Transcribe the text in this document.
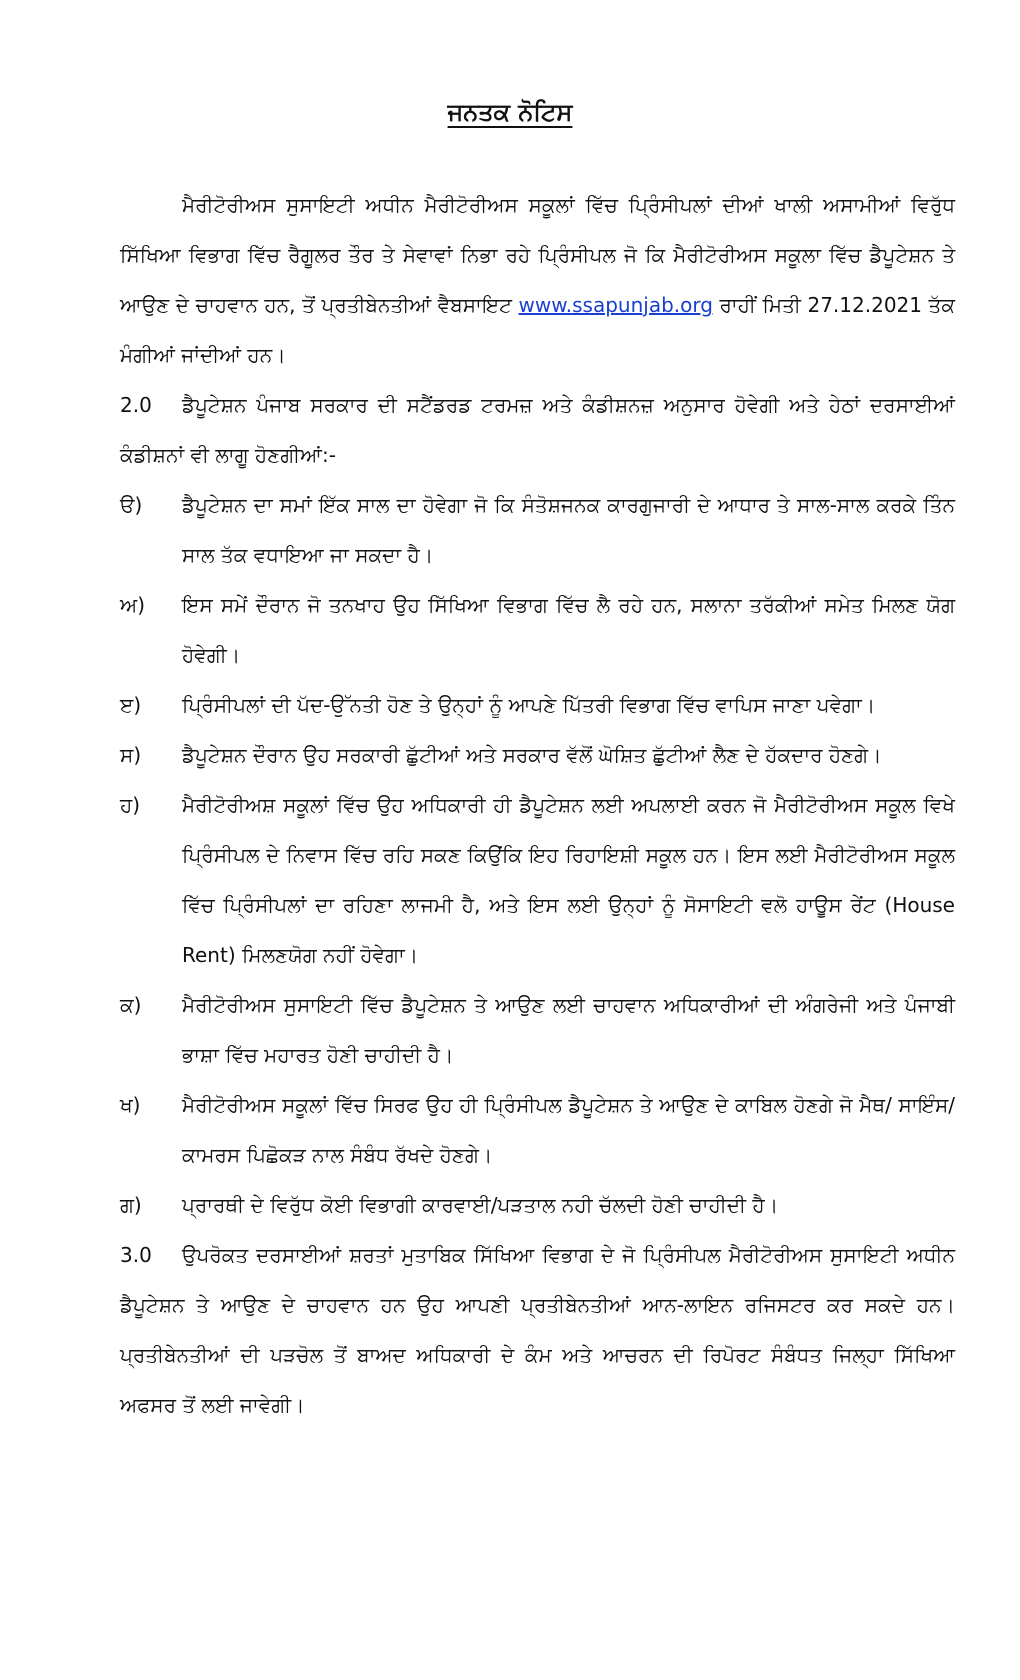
ਜਨਤਕ ਨੋਟਿਸ

ਮੈਰੀਟੋਰੀਅਸ ਸੁਸਾਇਟੀ ਅਧੀਨ ਮੈਰੀਟੋਰੀਅਸ ਸਕੂਲਾਂ ਵਿੱਚ ਪ੍ਰਿੰਸੀਪਲਾਂ ਦੀਆਂ ਖਾਲੀ ਅਸਾਮੀਆਂ ਵਿਰੁੱਧ ਸਿੱਖਿਆ ਵਿਭਾਗ ਵਿੱਚ ਰੈਗੂਲਰ ਤੌਰ ਤੇ ਸੇਵਾਵਾਂ ਨਿਭਾ ਰਹੇ ਪ੍ਰਿੰਸੀਪਲ ਜੋ ਕਿ ਮੈਰੀਟੋਰੀਅਸ ਸਕੂਲਾ ਵਿੱਚ ਡੈਪੂਟੇਸ਼ਨ ਤੇ ਆਉਣ ਦੇ ਚਾਹਵਾਨ ਹਨ, ਤੋਂ ਪ੍ਰਤੀਬੇਨਤੀਆਂ ਵੈਬਸਾਇਟ www.ssapunjab.org ਰਾਹੀਂ ਮਿਤੀ 27.12.2021 ਤੱਕ ਮੰਗੀਆਂ ਜਾਂਦੀਆਂ ਹਨ।

2.0 ਡੈਪੂਟੇਸ਼ਨ ਪੰਜਾਬ ਸਰਕਾਰ ਦੀ ਸਟੈਂਡਰਡ ਟਰਮਜ਼ ਅਤੇ ਕੰਡੀਸ਼ਨਜ਼ ਅਨੁਸਾਰ ਹੋਵੇਗੀ ਅਤੇ ਹੇਠਾਂ ਦਰਸਾਈਆਂ ਕੰਡੀਸ਼ਨਾਂ ਵੀ ਲਾਗੂ ਹੋਣਗੀਆਂ:-

ੳ)	ਡੈਪੂਟੇਸ਼ਨ ਦਾ ਸਮਾਂ ਇੱਕ ਸਾਲ ਦਾ ਹੋਵੇਗਾ ਜੋ ਕਿ ਸੰਤੋਸ਼ਜਨਕ ਕਾਰਗੁਜਾਰੀ ਦੇ ਆਧਾਰ ਤੇ ਸਾਲ-ਸਾਲ ਕਰਕੇ ਤਿੰਨ ਸਾਲ ਤੱਕ ਵਧਾਇਆ ਜਾ ਸਕਦਾ ਹੈ।
ਅ)	ਇਸ ਸਮੇਂ ਦੌਰਾਨ ਜੋ ਤਨਖਾਹ ਉਹ ਸਿੱਖਿਆ ਵਿਭਾਗ ਵਿੱਚ ਲੈ ਰਹੇ ਹਨ, ਸਲਾਨਾ ਤਰੱਕੀਆਂ ਸਮੇਤ ਮਿਲਣ ਯੋਗ ਹੋਵੇਗੀ।
ੲ)	ਪ੍ਰਿੰਸੀਪਲਾਂ ਦੀ ਪੱਦ-ਉੱਨਤੀ ਹੋਣ ਤੇ ਉਨ੍ਹਾਂ ਨੂੰ ਆਪਣੇ ਪਿੱਤਰੀ ਵਿਭਾਗ ਵਿੱਚ ਵਾਪਿਸ ਜਾਣਾ ਪਵੇਗਾ।
ਸ)	ਡੈਪੂਟੇਸ਼ਨ ਦੌਰਾਨ ਉਹ ਸਰਕਾਰੀ ਛੁੱਟੀਆਂ ਅਤੇ ਸਰਕਾਰ ਵੱਲੋਂ ਘੋਸ਼ਿਤ ਛੁੱਟੀਆਂ ਲੈਣ ਦੇ ਹੱਕਦਾਰ ਹੋਣਗੇ।
ਹ)	ਮੈਰੀਟੋਰੀਅਸ਼ ਸਕੂਲਾਂ ਵਿੱਚ ਉਹ ਅਧਿਕਾਰੀ ਹੀ ਡੈਪੂਟੇਸ਼ਨ ਲਈ ਅਪਲਾਈ ਕਰਨ ਜੋ ਮੈਰੀਟੋਰੀਅਸ ਸਕੂਲ ਵਿਖੇ ਪ੍ਰਿੰਸੀਪਲ ਦੇ ਨਿਵਾਸ ਵਿੱਚ ਰਹਿ ਸਕਣ ਕਿਉਂਕਿ ਇਹ ਰਿਹਾਇਸ਼ੀ ਸਕੂਲ ਹਨ। ਇਸ ਲਈ ਮੈਰੀਟੋਰੀਅਸ ਸਕੂਲ ਵਿੱਚ ਪ੍ਰਿੰਸੀਪਲਾਂ ਦਾ ਰਹਿਣਾ ਲਾਜਮੀ ਹੈ, ਅਤੇ ਇਸ ਲਈ ਉਨ੍ਹਾਂ ਨੂੰ ਸੋਸਾਇਟੀ ਵਲੋ ਹਾਊਸ ਰੇਂਟ (House Rent) ਮਿਲਣਯੋਗ ਨਹੀਂ ਹੋਵੇਗਾ।
ਕ)	ਮੈਰੀਟੋਰੀਅਸ ਸੁਸਾਇਟੀ ਵਿੱਚ ਡੈਪੂਟੇਸ਼ਨ ਤੇ ਆਉਣ ਲਈ ਚਾਹਵਾਨ ਅਧਿਕਾਰੀਆਂ ਦੀ ਅੰਗਰੇਜੀ ਅਤੇ ਪੰਜਾਬੀ ਭਾਸ਼ਾ ਵਿੱਚ ਮਹਾਰਤ ਹੋਣੀ ਚਾਹੀਦੀ ਹੈ।
ਖ)	ਮੈਰੀਟੋਰੀਅਸ ਸਕੂਲਾਂ ਵਿੱਚ ਸਿਰਫ ਉਹ ਹੀ ਪ੍ਰਿੰਸੀਪਲ ਡੈਪੂਟੇਸ਼ਨ ਤੇ ਆਉਣ ਦੇ ਕਾਬਿਲ ਹੋਣਗੇ ਜੋ ਮੈਥ/ ਸਾਇੰਸ/ਕਾਮਰਸ ਪਿਛੋਕੜ ਨਾਲ ਸੰਬੰਧ ਰੱਖਦੇ ਹੋਣਗੇ।
ਗ)	ਪ੍ਰਾਰਥੀ ਦੇ ਵਿਰੁੱਧ ਕੋਈ ਵਿਭਾਗੀ ਕਾਰਵਾਈ/ਪੜਤਾਲ ਨਹੀ ਚੱਲਦੀ ਹੋਣੀ ਚਾਹੀਦੀ ਹੈ।

3.0 ਉਪਰੋਕਤ ਦਰਸਾਈਆਂ ਸ਼ਰਤਾਂ ਮੁਤਾਬਿਕ ਸਿੱਖਿਆ ਵਿਭਾਗ ਦੇ ਜੋ ਪ੍ਰਿੰਸੀਪਲ ਮੈਰੀਟੋਰੀਅਸ ਸੁਸਾਇਟੀ ਅਧੀਨ ਡੈਪੂਟੇਸ਼ਨ ਤੇ ਆਉਣ ਦੇ ਚਾਹਵਾਨ ਹਨ ਉਹ ਆਪਣੀ ਪ੍ਰਤੀਬੇਨਤੀਆਂ ਆਨ-ਲਾਇਨ ਰਜਿਸਟਰ ਕਰ ਸਕਦੇ ਹਨ। ਪ੍ਰਤੀਬੇਨਤੀਆਂ ਦੀ ਪੜਚੋਲ ਤੋਂ ਬਾਅਦ ਅਧਿਕਾਰੀ ਦੇ ਕੰਮ ਅਤੇ ਆਚਰਨ ਦੀ ਰਿਪੋਰਟ ਸੰਬੰਧਤ ਜਿਲ੍ਹਾ ਸਿੱਖਿਆ ਅਫਸਰ ਤੋਂ ਲਈ ਜਾਵੇਗੀ।
